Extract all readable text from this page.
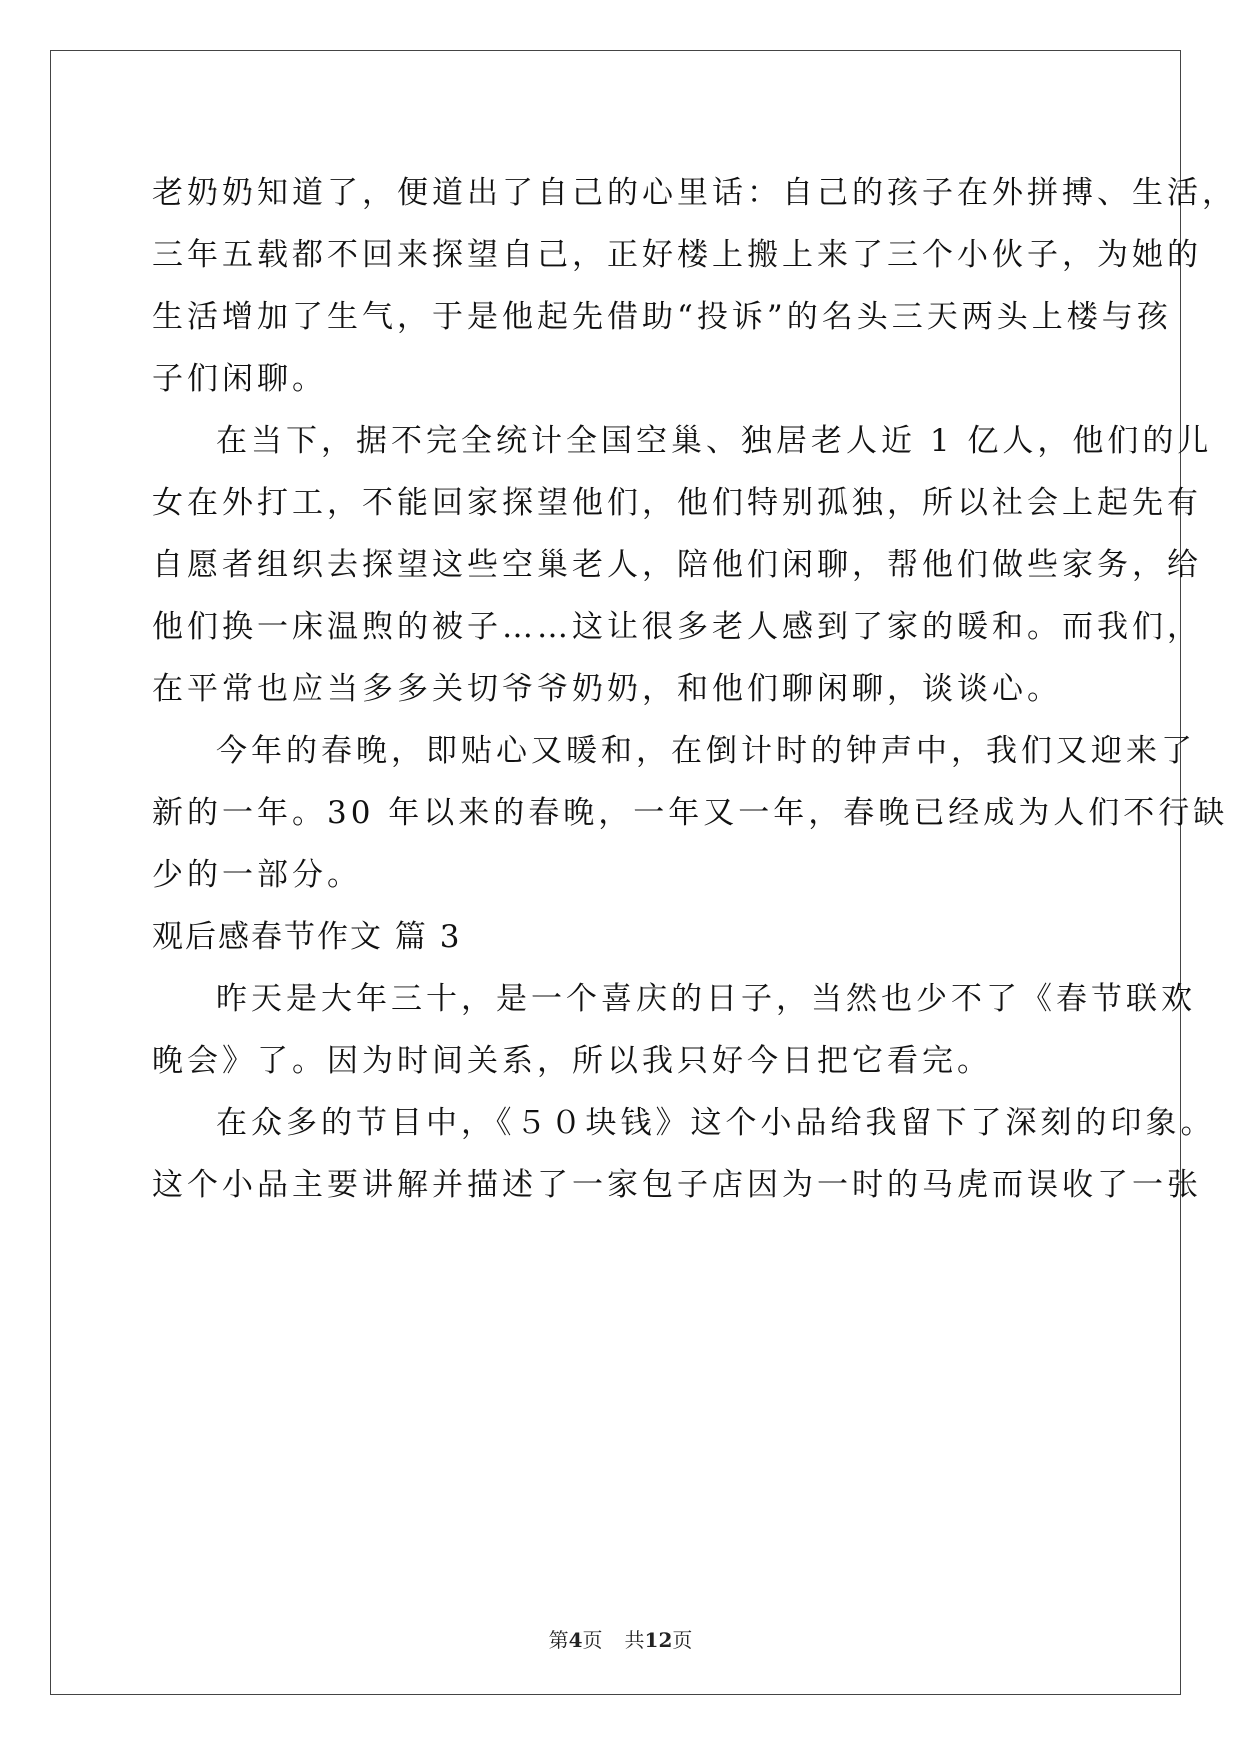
老奶奶知道了，便道出了自己的心里话：自己的孩子在外拼搏、生活，
三年五载都不回来探望自己，正好楼上搬上来了三个小伙子，为她的
生活增加了生气，于是他起先借助“投诉”的名头三天两头上楼与孩
子们闲聊。

在当下，据不完全统计全国空巢、独居老人近 1 亿人，他们的儿
女在外打工，不能回家探望他们，他们特别孤独，所以社会上起先有
自愿者组织去探望这些空巢老人，陪他们闲聊，帮他们做些家务，给
他们换一床温煦的被子……这让很多老人感到了家的暖和。而我们，
在平常也应当多多关切爷爷奶奶，和他们聊闲聊，谈谈心。

今年的春晚，即贴心又暖和，在倒计时的钟声中，我们又迎来了
新的一年。30 年以来的春晚，一年又一年，春晚已经成为人们不行缺
少的一部分。

观后感春节作文 篇 3

昨天是大年三十，是一个喜庆的日子，当然也少不了《春节联欢
晚会》了。因为时间关系，所以我只好今日把它看完。

在众多的节目中，《５０块钱》这个小品给我留下了深刻的印象。
这个小品主要讲解并描述了一家包子店因为一时的马虎而误收了一张

第4页 共12页
